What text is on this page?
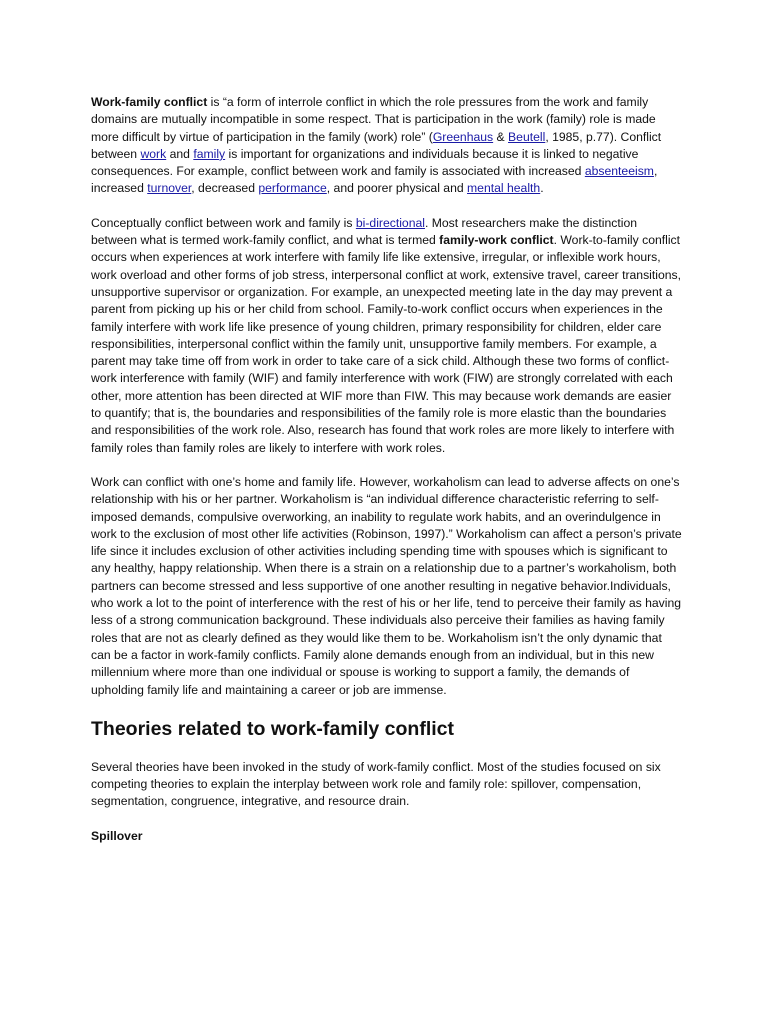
Work-family conflict is “a form of interrole conflict in which the role pressures from the work and family domains are mutually incompatible in some respect. That is participation in the work (family) role is made more difficult by virtue of participation in the family (work) role” (Greenhaus & Beutell, 1985, p.77). Conflict between work and family is important for organizations and individuals because it is linked to negative consequences. For example, conflict between work and family is associated with increased absenteeism, increased turnover, decreased performance, and poorer physical and mental health.

Conceptually conflict between work and family is bi-directional. Most researchers make the distinction between what is termed work-family conflict, and what is termed family-work conflict. Work-to-family conflict occurs when experiences at work interfere with family life like extensive, irregular, or inflexible work hours, work overload and other forms of job stress, interpersonal conflict at work, extensive travel, career transitions, unsupportive supervisor or organization. For example, an unexpected meeting late in the day may prevent a parent from picking up his or her child from school. Family-to-work conflict occurs when experiences in the family interfere with work life like presence of young children, primary responsibility for children, elder care responsibilities, interpersonal conflict within the family unit, unsupportive family members. For example, a parent may take time off from work in order to take care of a sick child. Although these two forms of conflict-work interference with family (WIF) and family interference with work (FIW) are strongly correlated with each other, more attention has been directed at WIF more than FIW. This may because work demands are easier to quantify; that is, the boundaries and responsibilities of the family role is more elastic than the boundaries and responsibilities of the work role. Also, research has found that work roles are more likely to interfere with family roles than family roles are likely to interfere with work roles.

Work can conflict with one’s home and family life. However, workaholism can lead to adverse affects on one’s relationship with his or her partner. Workaholism is “an individual difference characteristic referring to self-imposed demands, compulsive overworking, an inability to regulate work habits, and an overindulgence in work to the exclusion of most other life activities (Robinson, 1997).” Workaholism can affect a person’s private life since it includes exclusion of other activities including spending time with spouses which is significant to any healthy, happy relationship. When there is a strain on a relationship due to a partner’s workaholism, both partners can become stressed and less supportive of one another resulting in negative behavior.Individuals, who work a lot to the point of interference with the rest of his or her life, tend to perceive their family as having less of a strong communication background. These individuals also perceive their families as having family roles that are not as clearly defined as they would like them to be. Workaholism isn’t the only dynamic that can be a factor in work-family conflicts. Family alone demands enough from an individual, but in this new millennium where more than one individual or spouse is working to support a family, the demands of upholding family life and maintaining a career or job are immense.

Theories related to work-family conflict

Several theories have been invoked in the study of work-family conflict. Most of the studies focused on six competing theories to explain the interplay between work role and family role: spillover, compensation, segmentation, congruence, integrative, and resource drain.

Spillover
